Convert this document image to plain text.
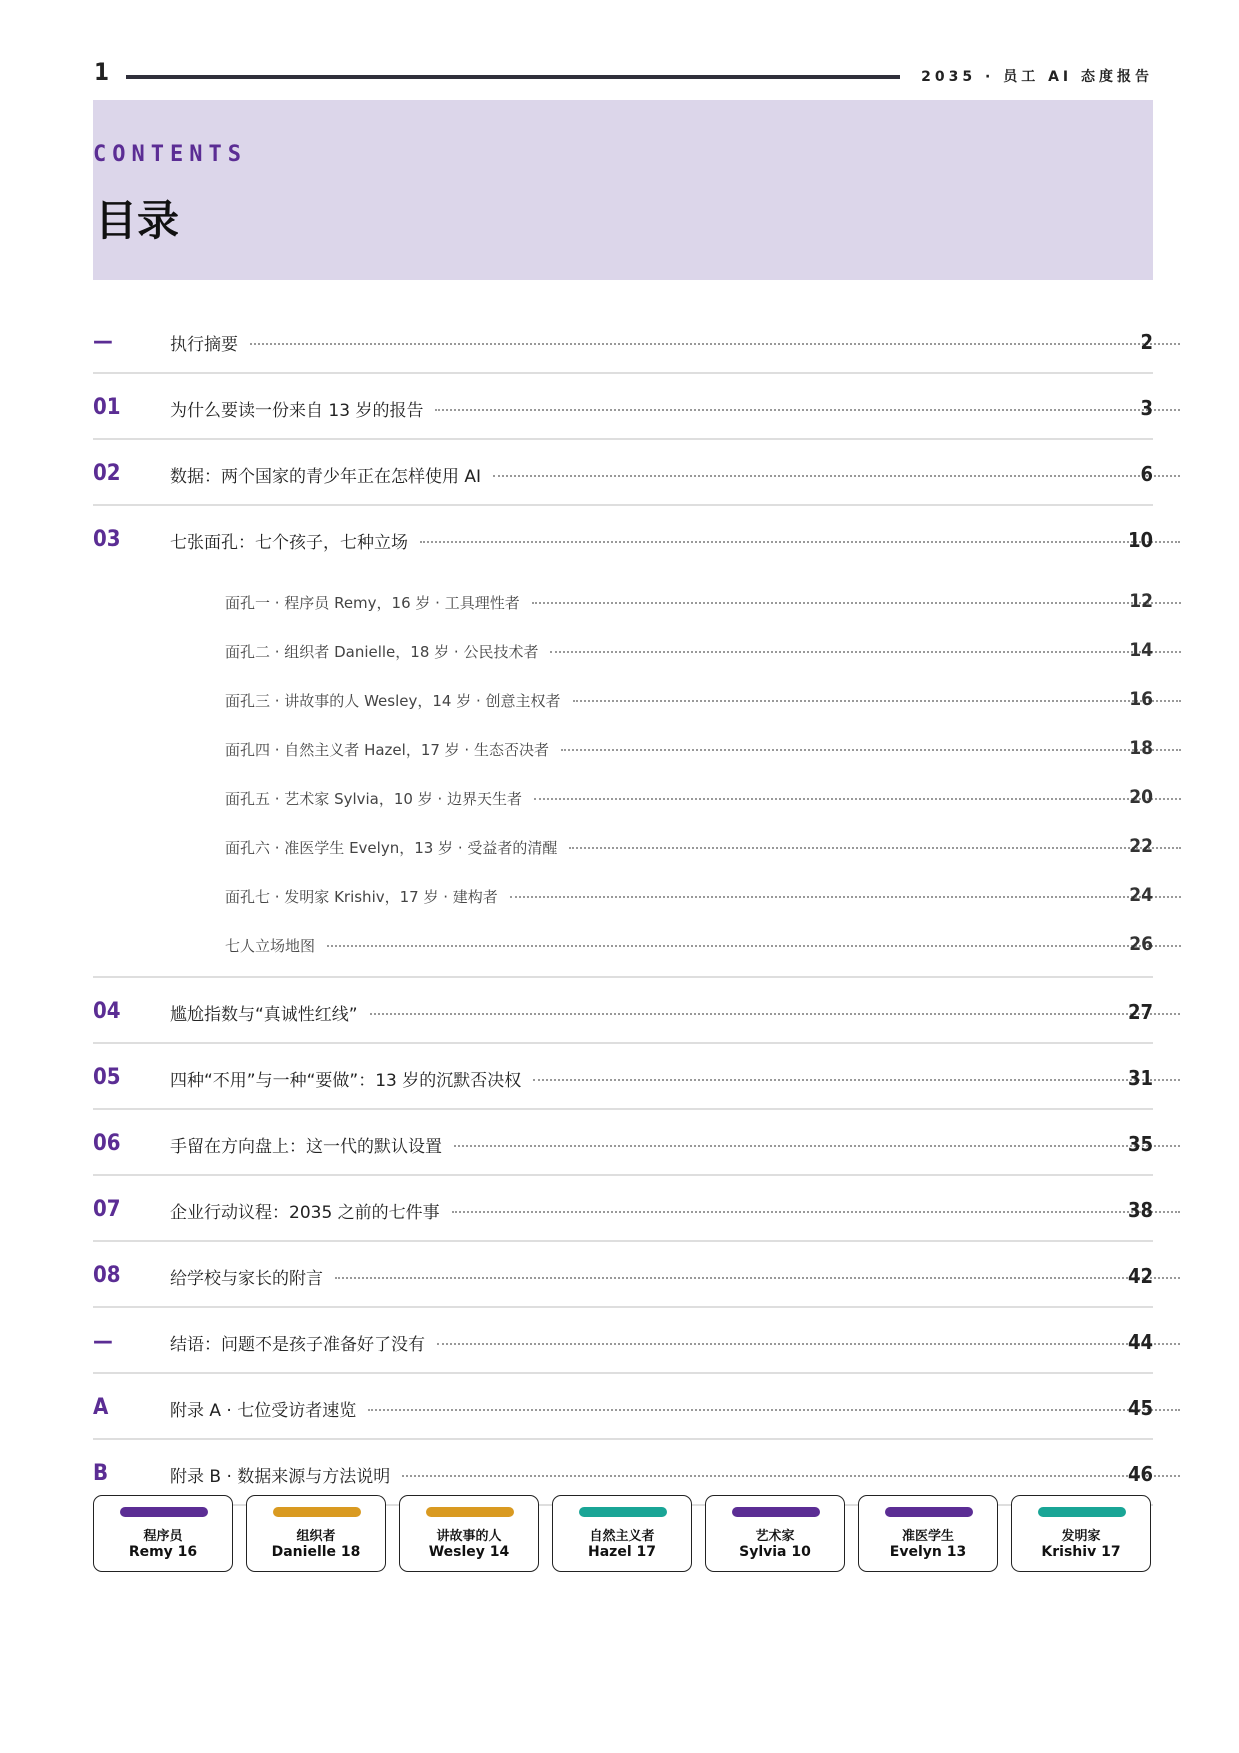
1	2035 · 员工 AI 态度报告
CONTENTS
目录
—	执行摘要	2
01	为什么要读一份来自 13 岁的报告	3
02	数据：两个国家的青少年正在怎样使用 AI	6
03	七张面孔：七个孩子，七种立场	10
面孔一 · 程序员 Remy，16 岁 · 工具理性者	12
面孔二 · 组织者 Danielle，18 岁 · 公民技术者	14
面孔三 · 讲故事的人 Wesley，14 岁 · 创意主权者	16
面孔四 · 自然主义者 Hazel，17 岁 · 生态否决者	18
面孔五 · 艺术家 Sylvia，10 岁 · 边界天生者	20
面孔六 · 准医学生 Evelyn，13 岁 · 受益者的清醒	22
面孔七 · 发明家 Krishiv，17 岁 · 建构者	24
七人立场地图	26
04	尴尬指数与“真诚性红线”	27
05	四种“不用”与一种“要做”：13 岁的沉默否决权	31
06	手留在方向盘上：这一代的默认设置	35
07	企业行动议程：2035 之前的七件事	38
08	给学校与家长的附言	42
—	结语：问题不是孩子准备好了没有	44
A	附录 A · 七位受访者速览	45
B	附录 B · 数据来源与方法说明	46
程序员
Remy 16
组织者
Danielle 18
讲故事的人
Wesley 14
自然主义者
Hazel 17
艺术家
Sylvia 10
准医学生
Evelyn 13
发明家
Krishiv 17
